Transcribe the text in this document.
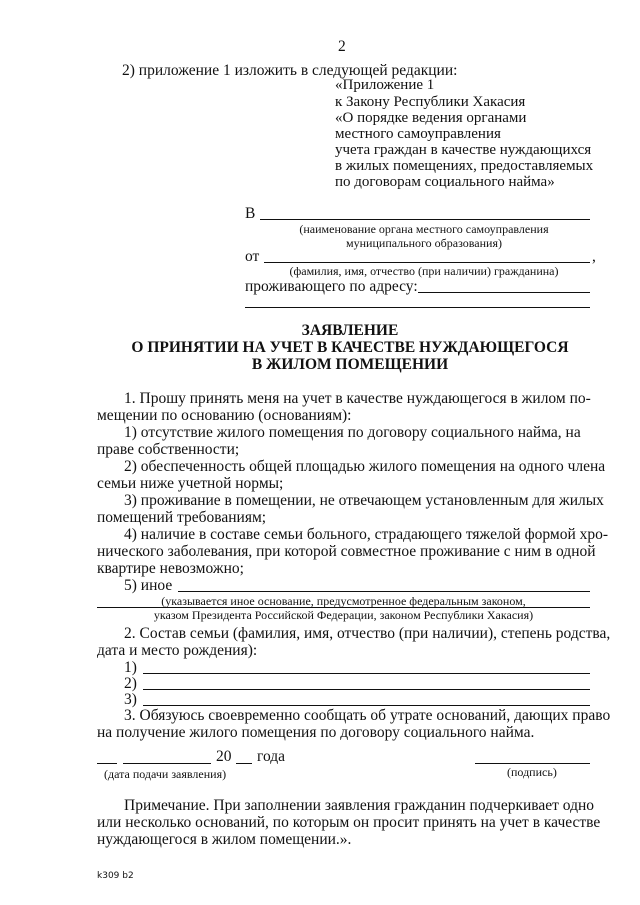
2
2) приложение 1 изложить в следующей редакции:
«Приложение 1
к Закону Республики Хакасия
«О порядке ведения органами
местного самоуправления
учета граждан в качестве нуждающихся
в жилых помещениях, предоставляемых
по договорам социального найма»
В
(наименование органа местного самоуправления
муниципального образования)
от	,
(фамилия, имя, отчество (при наличии) гражданина)
проживающего по адресу:
ЗАЯВЛЕНИЕ
О ПРИНЯТИИ НА УЧЕТ В КАЧЕСТВЕ НУЖДАЮЩЕГОСЯ
В ЖИЛОМ ПОМЕЩЕНИИ
1. Прошу принять меня на учет в качестве нуждающегося в жилом по-
мещении по основанию (основаниям):
1) отсутствие жилого помещения по договору социального найма, на
праве собственности;
2) обеспеченность общей площадью жилого помещения на одного члена
семьи ниже учетной нормы;
3) проживание в помещении, не отвечающем установленным для жилых
помещений требованиям;
4) наличие в составе семьи больного, страдающего тяжелой формой хро-
нического заболевания, при которой совместное проживание с ним в одной
квартире невозможно;
5) иное
(указывается иное основание, предусмотренное федеральным законом,
указом Президента Российской Федерации, законом Республики Хакасия)
2. Состав семьи (фамилия, имя, отчество (при наличии), степень родства,
дата и место рождения):
1)
2)
3)
3. Обязуюсь своевременно сообщать об утрате оснований, дающих право
на получение жилого помещения по договору социального найма.
20 года
(дата подачи заявления)	(подпись)
Примечание. При заполнении заявления гражданин подчеркивает одно
или несколько оснований, по которым он просит принять на учет в качестве
нуждающегося в жилом помещении.».
k309 b2
